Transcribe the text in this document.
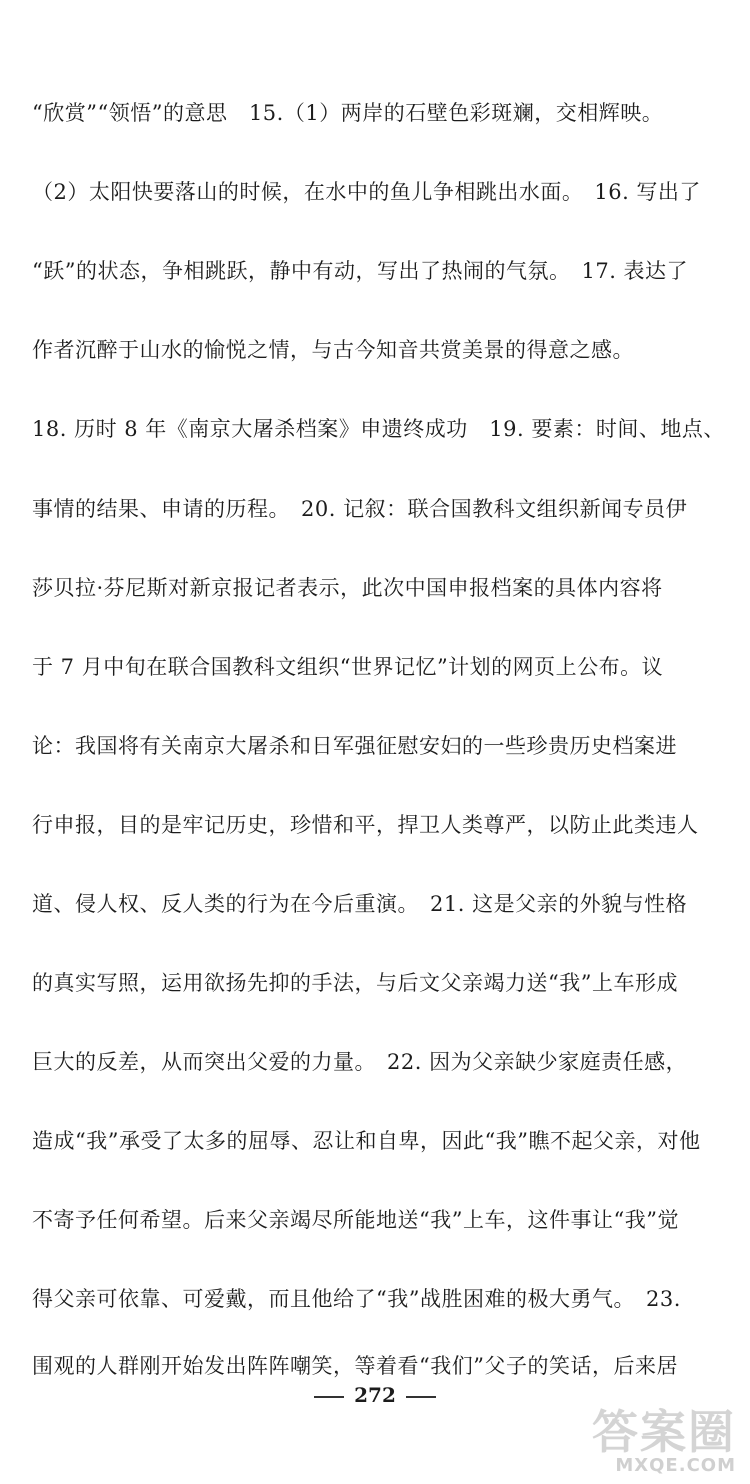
“欣赏”“领悟”的意思　15.（1）两岸的石壁色彩斑斓，交相辉映。
（2）太阳快要落山的时候，在水中的鱼儿争相跳出水面。　16. 写出了
“跃”的状态，争相跳跃，静中有动，写出了热闹的气氛。　17. 表达了
作者沉醉于山水的愉悦之情，与古今知音共赏美景的得意之感。
18. 历时 8 年《南京大屠杀档案》申遗终成功　19. 要素：时间、地点、
事情的结果、申请的历程。　20. 记叙：联合国教科文组织新闻专员伊
莎贝拉·芬尼斯对新京报记者表示，此次中国申报档案的具体内容将
于 7 月中旬在联合国教科文组织“世界记忆”计划的网页上公布。议
论：我国将有关南京大屠杀和日军强征慰安妇的一些珍贵历史档案进
行申报，目的是牢记历史，珍惜和平，捍卫人类尊严，以防止此类违人
道、侵人权、反人类的行为在今后重演。　21. 这是父亲的外貌与性格
的真实写照，运用欲扬先抑的手法，与后文父亲竭力送“我”上车形成
巨大的反差，从而突出父爱的力量。　22. 因为父亲缺少家庭责任感，
造成“我”承受了太多的屈辱、忍让和自卑，因此“我”瞧不起父亲，对他
不寄予任何希望。后来父亲竭尽所能地送“我”上车，这件事让“我”觉
得父亲可依靠、可爱戴，而且他给了“我”战胜困难的极大勇气。　23.
围观的人群刚开始发出阵阵嘲笑，等着看“我们”父子的笑话，后来居
272
答案圈
MXQE.COM
